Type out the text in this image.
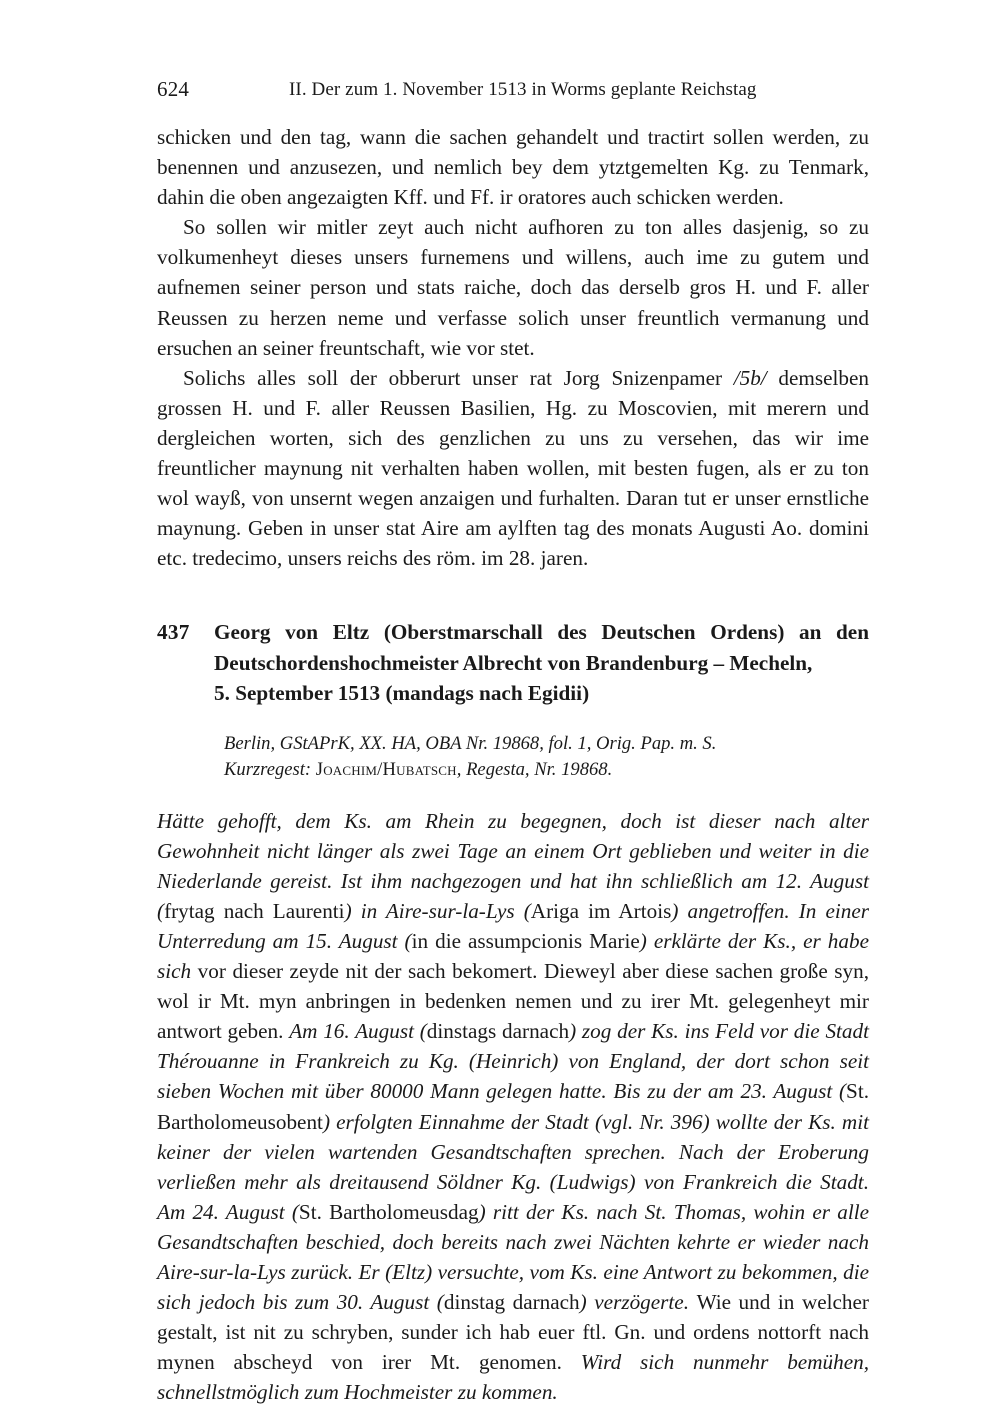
624	II. Der zum 1. November 1513 in Worms geplante Reichstag

schicken und den tag, wann die sachen gehandelt und tractirt sollen werden, zu benennen und anzusezen, und nemlich bey dem ytztgemelten Kg. zu Tenmark, dahin die oben angezaigten Kff. und Ff. ir oratores auch schicken werden.

So sollen wir mitler zeyt auch nicht aufhoren zu ton alles dasjenig, so zu volkumenheyt dieses unsers furnemens und willens, auch ime zu gutem und aufnemen seiner person und stats raiche, doch das derselb gros H. und F. aller Reussen zu herzen neme und verfasse solich unser freuntlich vermanung und ersuchen an seiner freuntschaft, wie vor stet.

Solichs alles soll der obberurt unser rat Jorg Snizenpamer /5b/ demselben grossen H. und F. aller Reussen Basilien, Hg. zu Moscovien, mit merern und dergleichen worten, sich des genzlichen zu uns zu versehen, das wir ime freuntlicher maynung nit verhalten haben wollen, mit besten fugen, als er zu ton wol wayß, von unsernt wegen anzaigen und furhalten. Daran tut er unser ernstliche maynung. Geben in unser stat Aire am aylften tag des monats Augusti Ao. domini etc. tredecimo, unsers reichs des röm. im 28. jaren.

437 Georg von Eltz (Oberstmarschall des Deutschen Ordens) an den Deutschordenshochmeister Albrecht von Brandenburg – Mecheln,
5. September 1513 (mandags nach Egidii)
Berlin, GStAPrK, XX. HA, OBA Nr. 19868, fol. 1, Orig. Pap. m. S.
Kurzregest: Joachim/Hubatsch, Regesta, Nr. 19868.

Hätte gehofft, dem Ks. am Rhein zu begegnen, doch ist dieser nach alter Gewohnheit nicht länger als zwei Tage an einem Ort geblieben und weiter in die Niederlande gereist. Ist ihm nachgezogen und hat ihn schließlich am 12. August (frytag nach Laurenti) in Aire-sur-la-Lys (Ariga im Artois) angetroffen. In einer Unterredung am 15. August (in die assumpcionis Marie) erklärte der Ks., er habe sich vor dieser zeyde nit der sach bekomert. Dieweyl aber diese sachen große syn, wol ir Mt. myn anbringen in bedenken nemen und zu irer Mt. gelegenheyt mir antwort geben. Am 16. August (dinstags darnach) zog der Ks. ins Feld vor die Stadt Thérouanne in Frankreich zu Kg. (Heinrich) von England, der dort schon seit sieben Wochen mit über 80000 Mann gelegen hatte. Bis zu der am 23. August (St. Bartholomeusobent) erfolgten Einnahme der Stadt (vgl. Nr. 396) wollte der Ks. mit keiner der vielen wartenden Gesandtschaften sprechen. Nach der Eroberung verließen mehr als dreitausend Söldner Kg. (Ludwigs) von Frankreich die Stadt. Am 24. August (St. Bartholomeusdag) ritt der Ks. nach St. Thomas, wohin er alle Gesandtschaften beschied, doch bereits nach zwei Nächten kehrte er wieder nach Aire-sur-la-Lys zurück. Er (Eltz) versuchte, vom Ks. eine Antwort zu bekommen, die sich jedoch bis zum 30. August (dinstag darnach) verzögerte. Wie und in welcher gestalt, ist nit zu schryben, sunder ich hab euer ftl. Gn. und ordens nottorft nach mynen abscheyd von irer Mt. genomen. Wird sich nunmehr bemühen, schnellstmöglich zum Hochmeister zu kommen.
